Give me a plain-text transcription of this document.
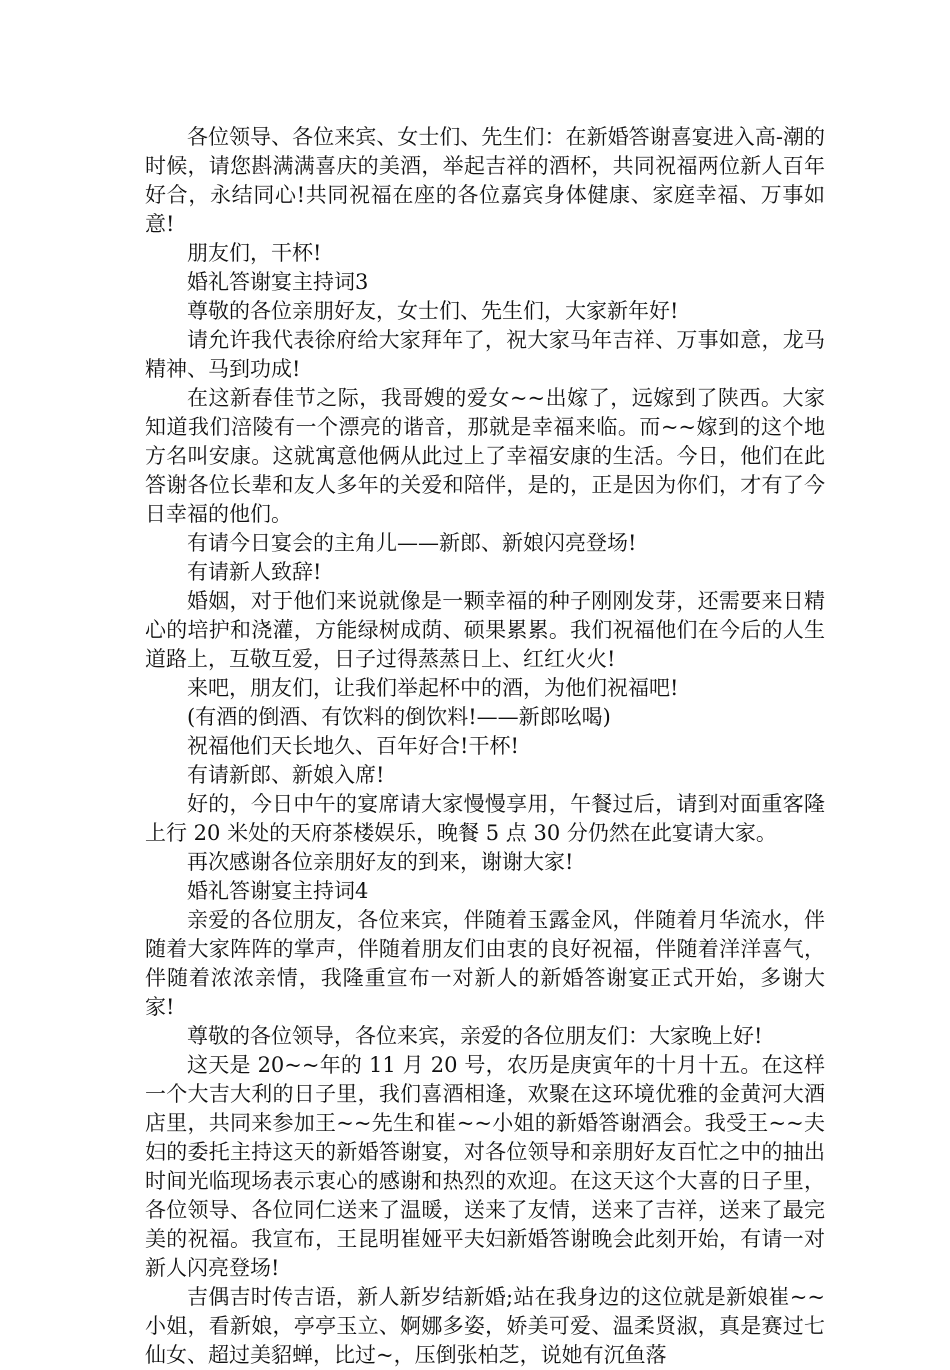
各位领导、各位来宾、女士们、先生们：在新婚答谢喜宴进入高-潮的时候，请您斟满满喜庆的美酒，举起吉祥的酒杯，共同祝福两位新人百年好合，永结同心!共同祝福在座的各位嘉宾身体健康、家庭幸福、万事如意!

朋友们，干杯!

婚礼答谢宴主持词3

尊敬的各位亲朋好友，女士们、先生们，大家新年好!

请允许我代表徐府给大家拜年了，祝大家马年吉祥、万事如意，龙马精神、马到功成!

在这新春佳节之际，我哥嫂的爱女~~出嫁了，远嫁到了陕西。大家知道我们涪陵有一个漂亮的谐音，那就是幸福来临。而~~嫁到的这个地方名叫安康。这就寓意他俩从此过上了幸福安康的生活。今日，他们在此答谢各位长辈和友人多年的关爱和陪伴，是的，正是因为你们，才有了今日幸福的他们。

有请今日宴会的主角儿——新郎、新娘闪亮登场!

有请新人致辞!

婚姻，对于他们来说就像是一颗幸福的种子刚刚发芽，还需要来日精心的培护和浇灌，方能绿树成荫、硕果累累。我们祝福他们在今后的人生道路上，互敬互爱，日子过得蒸蒸日上、红红火火!

来吧，朋友们，让我们举起杯中的酒，为他们祝福吧!

(有酒的倒酒、有饮料的倒饮料!——新郎吆喝)

祝福他们天长地久、百年好合!干杯!

有请新郎、新娘入席!

好的，今日中午的宴席请大家慢慢享用，午餐过后，请到对面重客隆上行 20 米处的天府茶楼娱乐，晚餐 5 点 30 分仍然在此宴请大家。

再次感谢各位亲朋好友的到来，谢谢大家!

婚礼答谢宴主持词4

亲爱的各位朋友，各位来宾，伴随着玉露金风，伴随着月华流水，伴随着大家阵阵的掌声，伴随着朋友们由衷的良好祝福，伴随着洋洋喜气，伴随着浓浓亲情，我隆重宣布一对新人的新婚答谢宴正式开始，多谢大家!

尊敬的各位领导，各位来宾，亲爱的各位朋友们：大家晚上好!

这天是 20~~年的 11 月 20 号，农历是庚寅年的十月十五。在这样一个大吉大利的日子里，我们喜酒相逢，欢聚在这环境优雅的金黄河大酒店里，共同来参加王~~先生和崔~~小姐的新婚答谢酒会。我受王~~夫妇的委托主持这天的新婚答谢宴，对各位领导和亲朋好友百忙之中的抽出时间光临现场表示衷心的感谢和热烈的欢迎。在这天这个大喜的日子里，各位领导、各位同仁送来了温暖，送来了友情，送来了吉祥，送来了最完美的祝福。我宣布，王昆明崔娅平夫妇新婚答谢晚会此刻开始，有请一对新人闪亮登场!

吉偶吉时传吉语，新人新岁结新婚;站在我身边的这位就是新娘崔~~小姐，看新娘，亭亭玉立、婀娜多姿，娇美可爱、温柔贤淑，真是赛过七仙女、超过美貂蝉，比过~，压倒张柏芝，说她有沉鱼落
